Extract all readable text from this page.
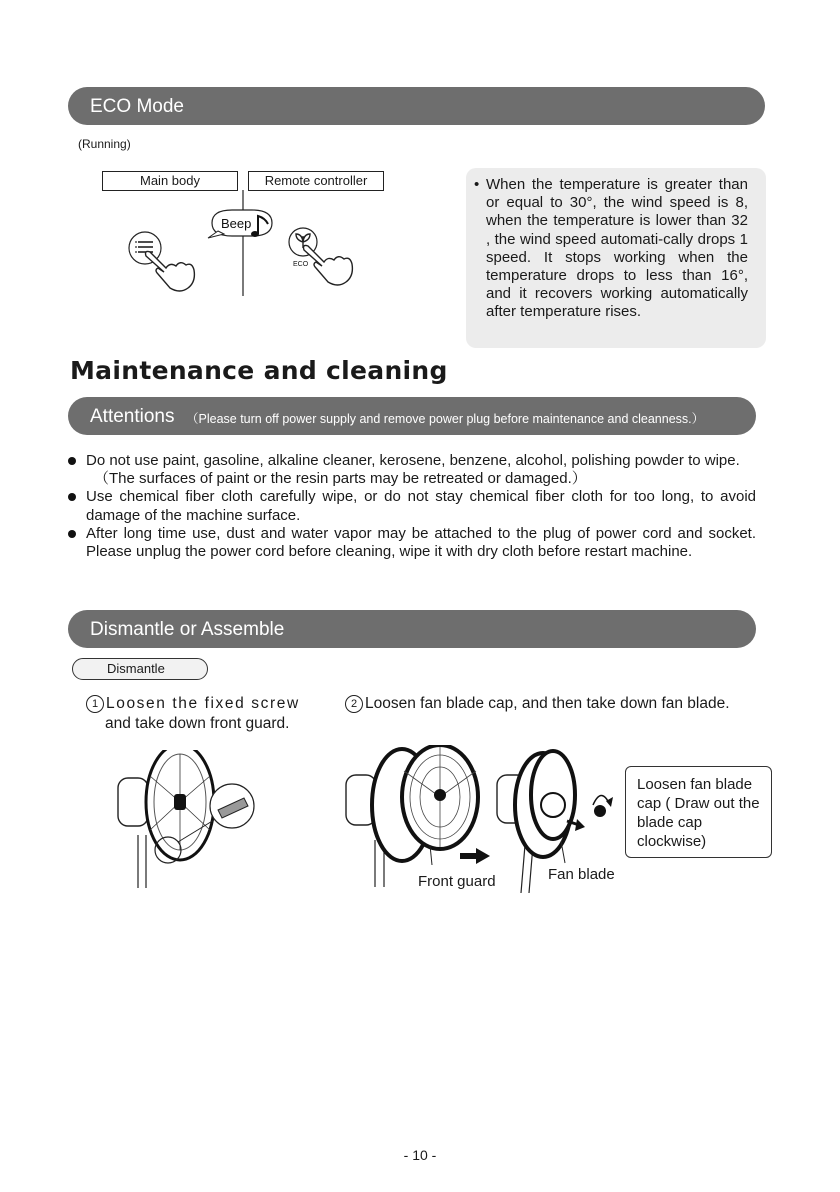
ECO Mode
(Running)
Main body	Remote controller
Beep
ECO
• When the temperature is greater than or equal to 30°, the wind speed is 8, when the temperature is lower than 32 , the wind speed automati-cally drops 1 speed. It stops working when the temperature drops to less than 16°, and it recovers working automatically after temperature rises.
Maintenance and cleaning
Attentions （Please turn off power supply and remove power plug before maintenance and cleanness.）
Do not use paint, gasoline, alkaline cleaner, kerosene, benzene, alcohol, polishing powder to wipe.
（The surfaces of paint or the resin parts may be retreated or damaged.）
Use chemical fiber cloth carefully wipe, or do not stay chemical fiber cloth for too long, to avoid damage of the machine surface.
After long time use, dust and water vapor may be attached to the plug of power cord and socket. Please unplug the power cord before cleaning, wipe it with dry cloth before restart machine.
Dismantle or Assemble
Dismantle
1 Loosen the fixed screw
and take down front guard.
2 Loosen fan blade cap, and then take down fan blade.
Front guard	Fan blade
Loosen fan blade cap ( Draw out the blade cap clockwise)
- 10 -
